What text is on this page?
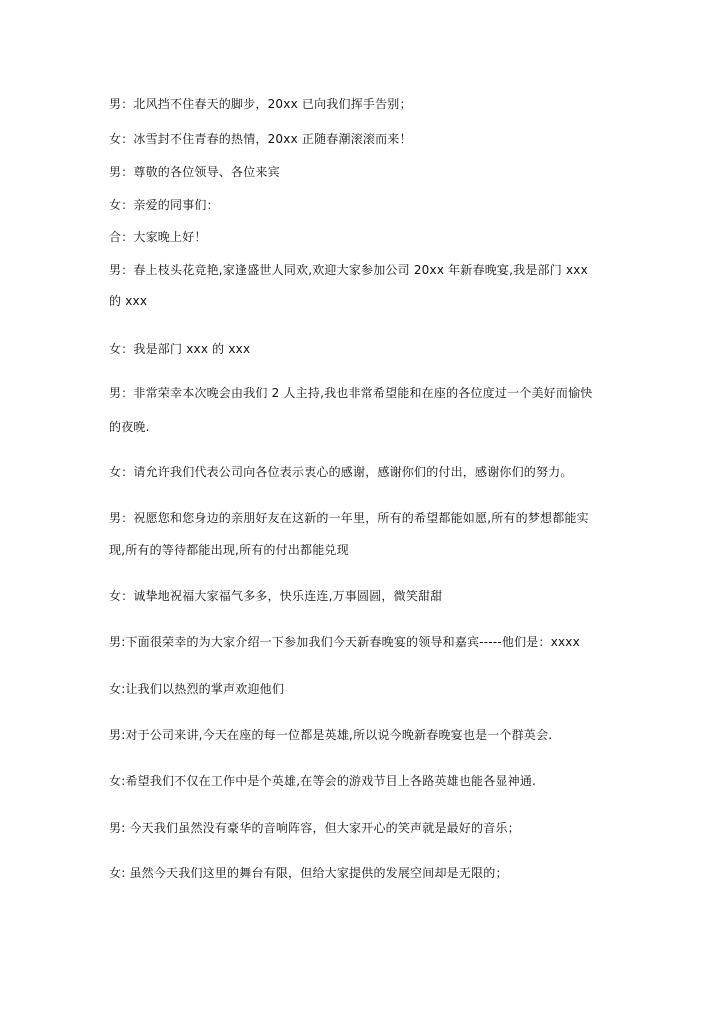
男：北风挡不住春天的脚步，20xx 已向我们挥手告别；
女：冰雪封不住青春的热情，20xx 正随春潮滚滚而来！
男：尊敬的各位领导、各位来宾
女：亲爱的同事们：
合：大家晚上好！
男：春上枝头花竞艳,家逢盛世人同欢,欢迎大家参加公司 20xx 年新春晚宴,我是部门 xxx
的 xxx
女：我是部门 xxx 的 xxx
男：非常荣幸本次晚会由我们 2 人主持,我也非常希望能和在座的各位度过一个美好而愉快
的夜晚.
女：请允许我们代表公司向各位表示衷心的感谢，感谢你们的付出，感谢你们的努力。
男：祝愿您和您身边的亲朋好友在这新的一年里，所有的希望都能如愿,所有的梦想都能实
现,所有的等待都能出现,所有的付出都能兑现
女：诚挚地祝福大家福气多多，快乐连连,万事圆圆，微笑甜甜
男:下面很荣幸的为大家介绍一下参加我们今天新春晚宴的领导和嘉宾-----他们是：xxxx
女:让我们以热烈的掌声欢迎他们
男:对于公司来讲,今天在座的每一位都是英雄,所以说今晚新春晚宴也是一个群英会.
女:希望我们不仅在工作中是个英雄,在等会的游戏节目上各路英雄也能各显神通.
男: 今天我们虽然没有豪华的音响阵容，但大家开心的笑声就是最好的音乐；
女: 虽然今天我们这里的舞台有限，但给大家提供的发展空间却是无限的；
